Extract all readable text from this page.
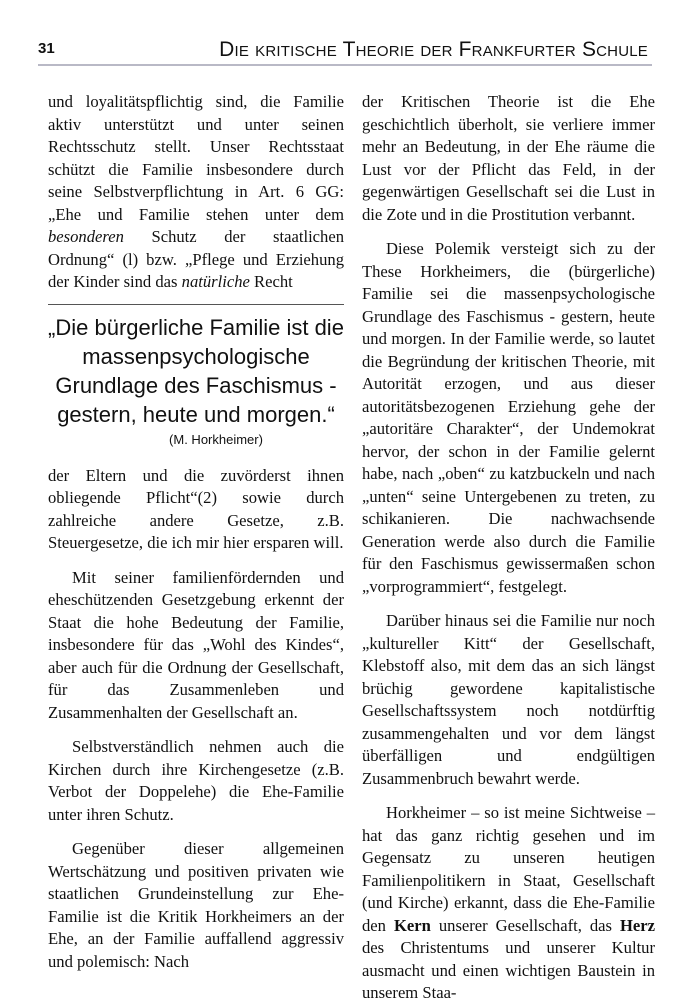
31	Die kritische Theorie der Frankfurter Schule

und loyalitätspflichtig sind, die Familie aktiv unterstützt und unter seinen Rechtsschutz stellt. Unser Rechtsstaat schützt die Familie insbesondere durch seine Selbstverpflichtung in Art. 6 GG: „Ehe und Familie stehen unter dem besonderen Schutz der staatlichen Ordnung“ (l) bzw. „Pflege und Erziehung der Kinder sind das natürliche Recht

„Die bürgerliche Familie ist die massenpsychologische Grundlage des Faschismus - gestern, heute und morgen.“
(M. Horkheimer)

der Eltern und die zuvörderst ihnen obliegende Pflicht“(2) sowie durch zahlreiche andere Gesetze, z.B. Steuergesetze, die ich mir hier ersparen will.

Mit seiner familienfördernden und eheschützenden Gesetzgebung erkennt der Staat die hohe Bedeutung der Familie, insbesondere für das „Wohl des Kindes“, aber auch für die Ordnung der Gesellschaft, für das Zusammenleben und Zusammenhalten der Gesellschaft an.

Selbstverständlich nehmen auch die Kirchen durch ihre Kirchengesetze (z.B. Verbot der Doppelehe) die Ehe-Familie unter ihren Schutz.

Gegenüber dieser allgemeinen Wertschätzung und positiven privaten wie staatlichen Grundeinstellung zur Ehe-Familie ist die Kritik Horkheimers an der Ehe, an der Familie auffallend aggressiv und polemisch: Nach

der Kritischen Theorie ist die Ehe geschichtlich überholt, sie verliere immer mehr an Bedeutung, in der Ehe räume die Lust vor der Pflicht das Feld, in der gegenwärtigen Gesellschaft sei die Lust in die Zote und in die Prostitution verbannt.

Diese Polemik versteigt sich zu der These Horkheimers, die (bürgerliche) Familie sei die massenpsychologische Grundlage des Faschismus - gestern, heute und morgen. In der Familie werde, so lautet die Begründung der kritischen Theorie, mit Autorität erzogen, und aus dieser autoritätsbezogenen Erziehung gehe der „autoritäre Charakter“, der Undemokrat hervor, der schon in der Familie gelernt habe, nach „oben“ zu katzbuckeln und nach „unten“ seine Untergebenen zu treten, zu schikanieren. Die nachwachsende Generation werde also durch die Familie für den Faschismus gewissermaßen schon „vorprogrammiert“, festgelegt.

Darüber hinaus sei die Familie nur noch „kultureller Kitt“ der Gesellschaft, Klebstoff also, mit dem das an sich längst brüchig gewordene kapitalistische Gesellschaftssystem noch notdürftig zusammengehalten und vor dem längst überfälligen und endgültigen Zusammenbruch bewahrt werde.

Horkheimer – so ist meine Sichtweise – hat das ganz richtig gesehen und im Gegensatz zu unseren heutigen Familienpolitikern in Staat, Gesellschaft (und Kirche) erkannt, dass die Ehe-Familie den Kern unserer Gesellschaft, das Herz des Christentums und unserer Kultur ausmacht und einen wichtigen Baustein in unserem Staa-
